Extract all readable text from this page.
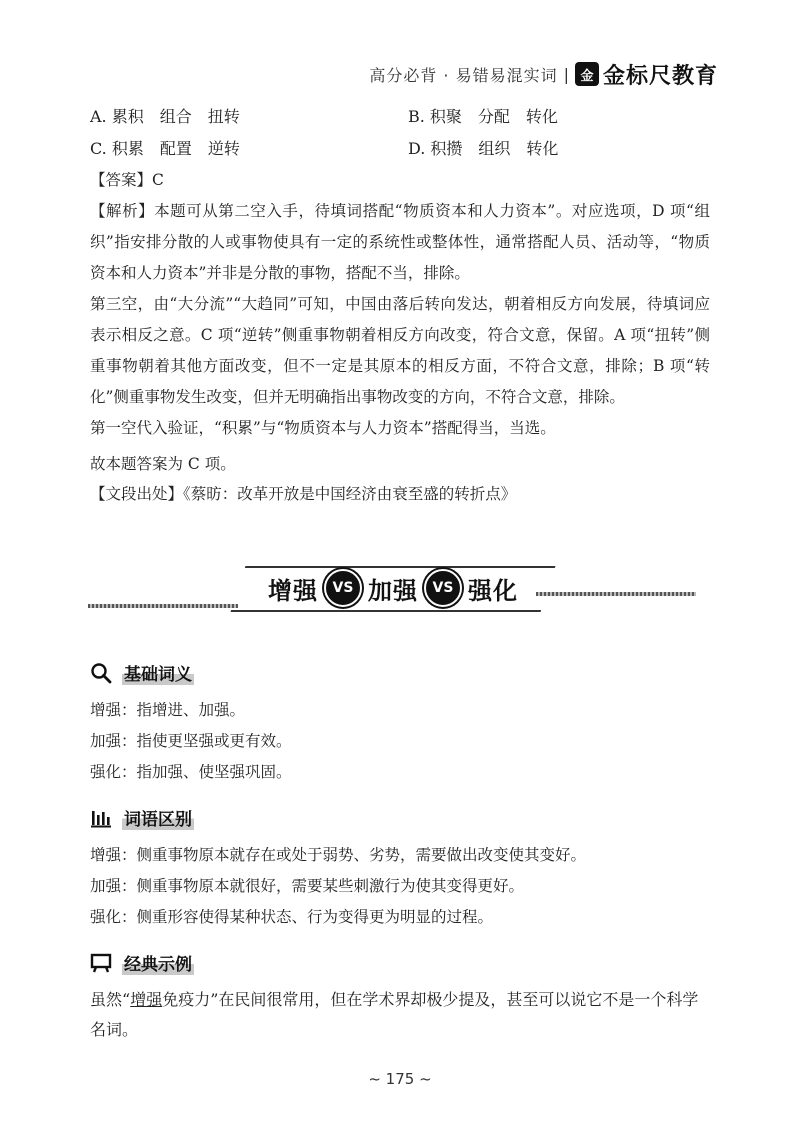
高分必背 · 易错易混实词 | 金 金标尺教育
A. 累积　组合　扭转	B. 积聚　分配　转化
C. 积累　配置　逆转	D. 积攒　组织　转化
【答案】C

【解析】本题可从第二空入手，待填词搭配“物质资本和人力资本”。对应选项，D 项“组织”指安排分散的人或事物使具有一定的系统性或整体性，通常搭配人员、活动等，“物质资本和人力资本”并非是分散的事物，搭配不当，排除。

第三空，由“大分流”“大趋同”可知，中国由落后转向发达，朝着相反方向发展，待填词应表示相反之意。C 项“逆转”侧重事物朝着相反方向改变，符合文意，保留。A 项“扭转”侧重事物朝着其他方面改变，但不一定是其原本的相反方面，不符合文意，排除；B 项“转化”侧重事物发生改变，但并无明确指出事物改变的方向，不符合文意，排除。

第一空代入验证，“积累”与“物质资本与人力资本”搭配得当，当选。

故本题答案为 C 项。
【文段出处】《蔡昉：改革开放是中国经济由衰至盛的转折点》
增强	VS 加强	VS 强化
基础词义
增强：指增进、加强。
加强：指使更坚强或更有效。
强化：指加强、使坚强巩固。
词语区别
增强：侧重事物原本就存在或处于弱势、劣势，需要做出改变使其变好。
加强：侧重事物原本就很好，需要某些刺激行为使其变得更好。
强化：侧重形容使得某种状态、行为变得更为明显的过程。
经典示例

虽然“增强免疫力”在民间很常用，但在学术界却极少提及，甚至可以说它不是一个科学名词。

~ 175 ~
